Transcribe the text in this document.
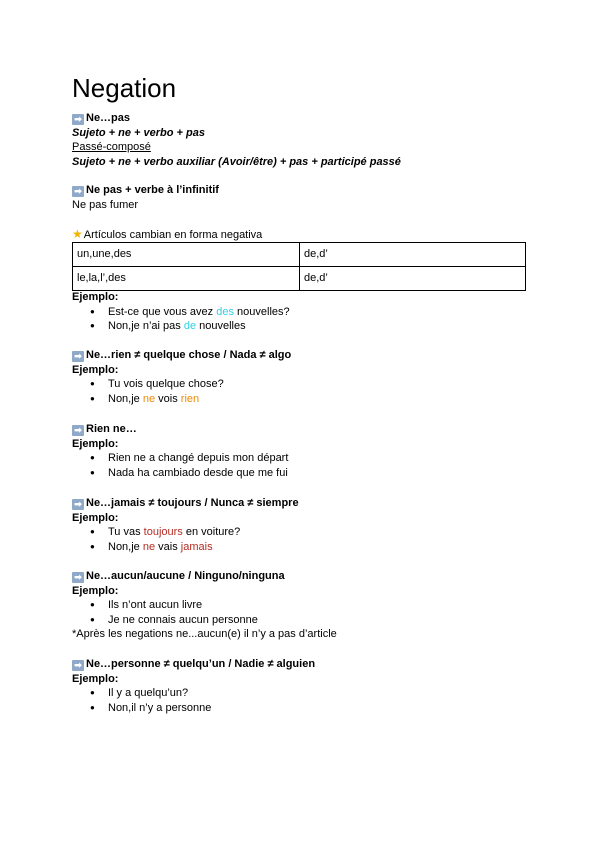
Negation
➡ Ne…pas
Sujeto + ne + verbo + pas
Passé-composé
Sujeto + ne + verbo auxiliar (Avoir/être) + pas + participé passé
➡ Ne pas + verbe à l’infinitif
Ne pas fumer
★Artículos cambian en forma negativa
un,une,des	de,d’
le,la,l’,des	de,d’
Ejemplo:
● Est-ce que vous avez des nouvelles?
● Non,je n’ai pas de nouvelles
➡ Ne…rien ≠ quelque chose / Nada ≠ algo
Ejemplo:
● Tu vois quelque chose?
● Non,je ne vois rien
➡ Rien ne…
Ejemplo:
● Rien ne a changé depuis mon départ
● Nada ha cambiado desde que me fui
➡ Ne…jamais ≠ toujours / Nunca ≠ siempre
Ejemplo:
● Tu vas toujours en voiture?
● Non,je ne vais jamais
➡ Ne…aucun/aucune / Ninguno/ninguna
Ejemplo:
● Ils n’ont aucun livre
● Je ne connais aucun personne
*Après les negations ne...aucun(e) il n’y a pas d’article
➡ Ne…personne ≠ quelqu’un / Nadie ≠ alguien
Ejemplo:
● Il y a quelqu’un?
● Non,il n’y a personne
